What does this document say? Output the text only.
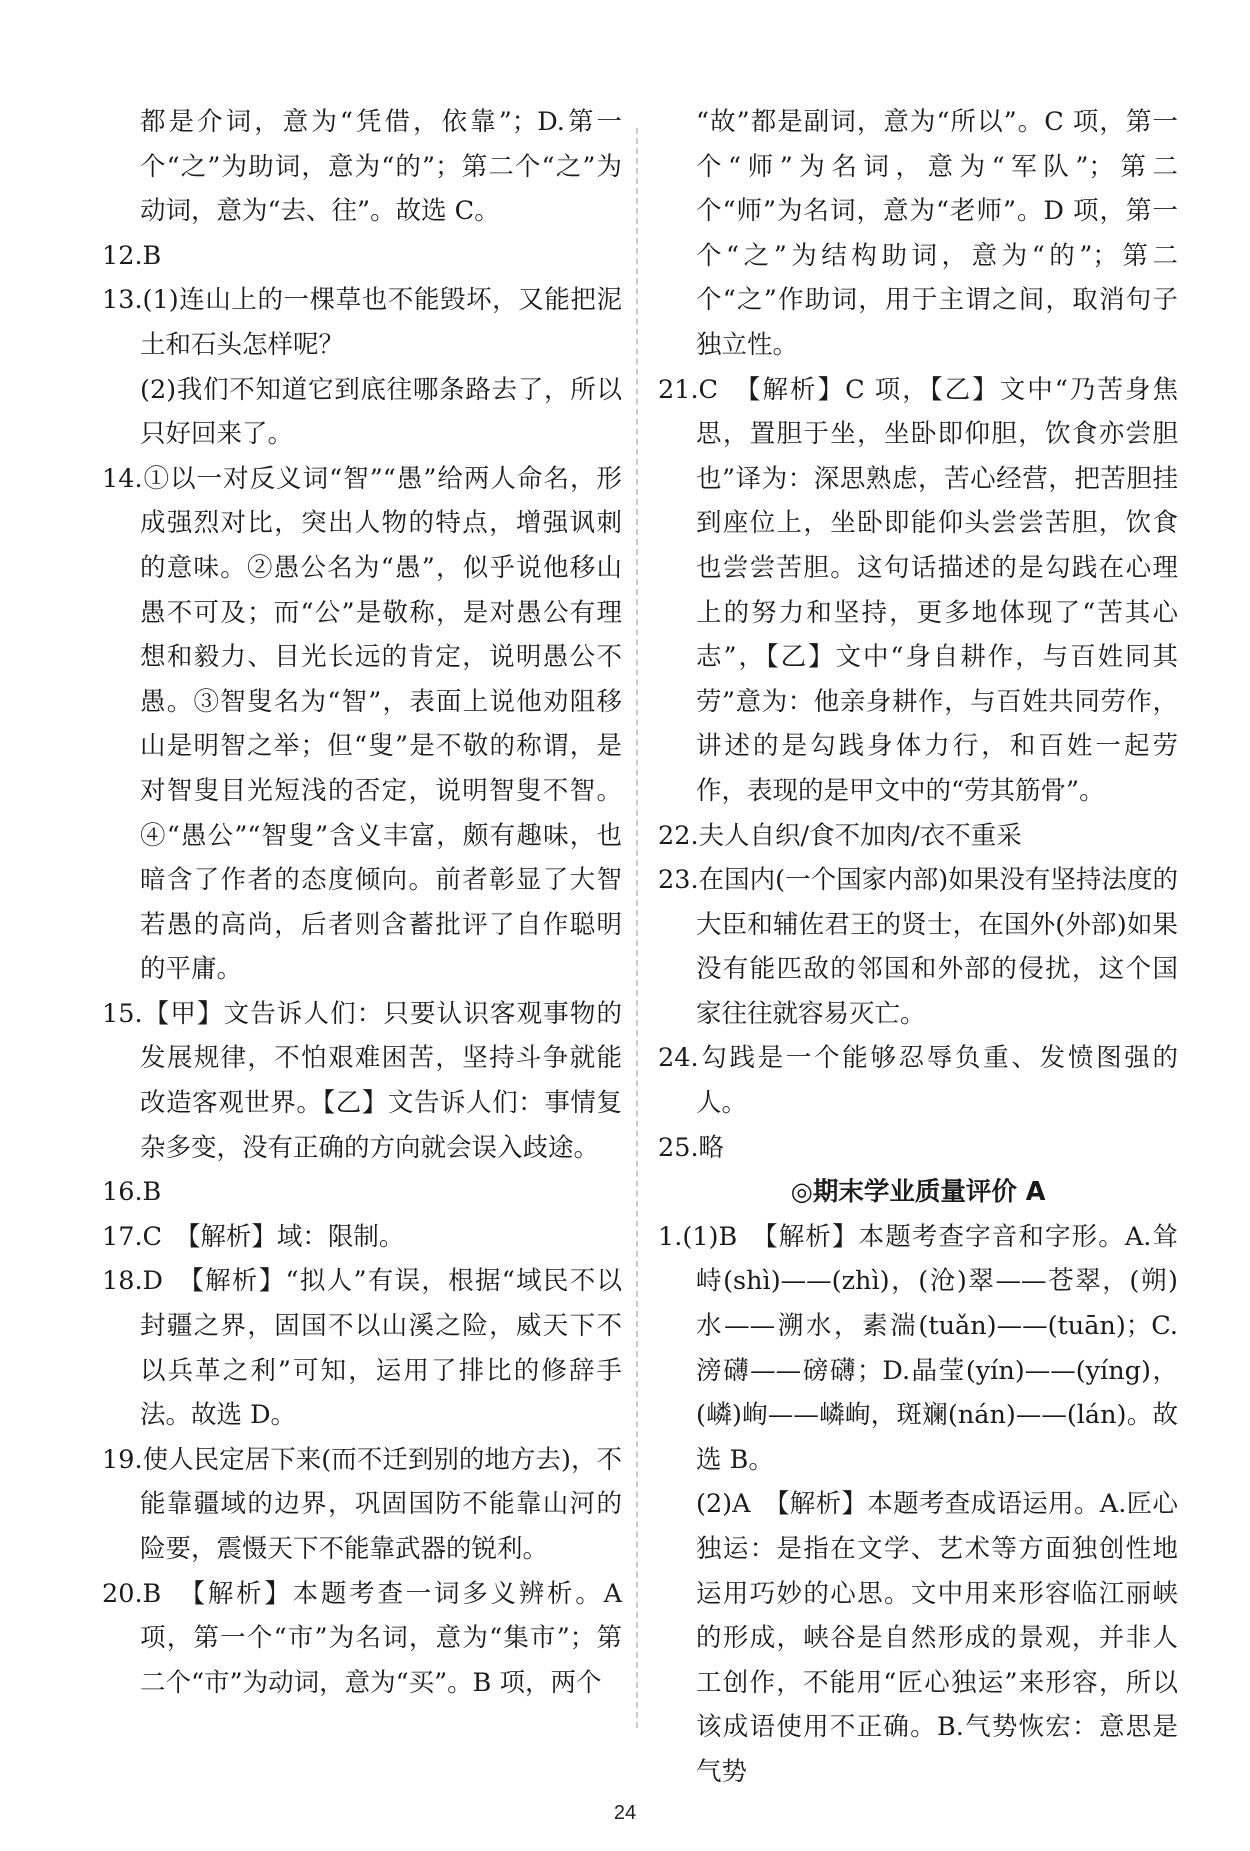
都是介词，意为“凭借，依靠”；D.第一个“之”为助词，意为“的”；第二个“之”为动词，意为“去、往”。故选 C。

12.B

13.(1)连山上的一棵草也不能毁坏，又能把泥土和石头怎样呢？

(2)我们不知道它到底往哪条路去了，所以只好回来了。

14.①以一对反义词“智”“愚”给两人命名，形成强烈对比，突出人物的特点，增强讽刺的意味。②愚公名为“愚”，似乎说他移山愚不可及；而“公”是敬称，是对愚公有理想和毅力、目光长远的肯定，说明愚公不愚。③智叟名为“智”，表面上说他劝阻移山是明智之举；但“叟”是不敬的称谓，是对智叟目光短浅的否定，说明智叟不智。④“愚公”“智叟”含义丰富，颇有趣味，也暗含了作者的态度倾向。前者彰显了大智若愚的高尚，后者则含蓄批评了自作聪明的平庸。

15.【甲】文告诉人们：只要认识客观事物的发展规律，不怕艰难困苦，坚持斗争就能改造客观世界。【乙】文告诉人们：事情复杂多变，没有正确的方向就会误入歧途。

16.B

17.C　【解析】域：限制。

18.D　【解析】“拟人”有误，根据“域民不以封疆之界，固国不以山溪之险，威天下不以兵革之利”可知，运用了排比的修辞手法。故选 D。

19.使人民定居下来(而不迁到别的地方去)，不能靠疆域的边界，巩固国防不能靠山河的险要，震慑天下不能靠武器的锐利。

20.B　【解析】本题考查一词多义辨析。A 项，第一个“市”为名词，意为“集市”；第二个“市”为动词，意为“买”。B 项，两个

“故”都是副词，意为“所以”。C 项，第一个“师”为名词，意为“军队”；第二个“师”为名词，意为“老师”。D 项，第一个“之”为结构助词，意为“的”；第二个“之”作助词，用于主谓之间，取消句子独立性。

21.C　【解析】C 项，【乙】文中“乃苦身焦思，置胆于坐，坐卧即仰胆，饮食亦尝胆也”译为：深思熟虑，苦心经营，把苦胆挂到座位上，坐卧即能仰头尝尝苦胆，饮食也尝尝苦胆。这句话描述的是勾践在心理上的努力和坚持，更多地体现了“苦其心志”，【乙】文中“身自耕作，与百姓同其劳”意为：他亲身耕作，与百姓共同劳作，讲述的是勾践身体力行，和百姓一起劳作，表现的是甲文中的“劳其筋骨”。

22.夫人自织/食不加肉/衣不重采

23.在国内(一个国家内部)如果没有坚持法度的大臣和辅佐君王的贤士，在国外(外部)如果没有能匹敌的邻国和外部的侵扰，这个国家往往就容易灭亡。

24.勾践是一个能够忍辱负重、发愤图强的人。

25.略

◎期末学业质量评价 A

1.(1)B　【解析】本题考查字音和字形。A.耸峙(shì)——(zhì)，(沧)翠——苍翠，(朔)水——溯水，素湍(tuǎn)——(tuān)；C.滂礴——磅礴；D.晶莹(yín)——(yíng)，(嶙)峋——嶙峋，斑斓(nán)——(lán)。故选 B。

(2)A　【解析】本题考查成语运用。A.匠心独运：是指在文学、艺术等方面独创性地运用巧妙的心思。文中用来形容临江丽峡的形成，峡谷是自然形成的景观，并非人工创作，不能用“匠心独运”来形容，所以该成语使用不正确。B.气势恢宏：意思是气势

24
